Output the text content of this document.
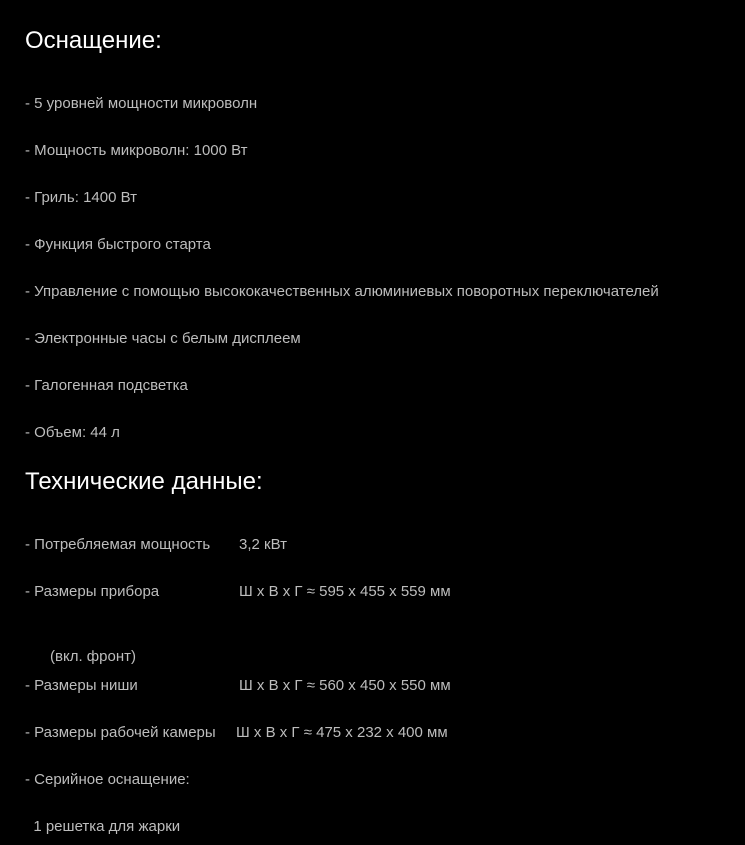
Оснащение:
- 5 уровней мощности микроволн
- Мощность микроволн: 1000 Вт
- Гриль: 1400 Вт
- Функция быстрого старта
- Управление с помощью высококачественных алюминиевых поворотных переключателей
- Электронные часы с белым дисплеем
- Галогенная подсветка
- Объем: 44 л
Технические данные:
- Потребляемая мощность 3,2 кВт
- Размеры прибора	Ш х В х Г ≈ 595 x 455 x 559 мм

(вкл. фронт)

- Размеры ниши	Ш х В х Г ≈ 560 x 450 x 550 мм
- Размеры рабочей камеры Ш х В х Г ≈ 475 x 232 x 400 мм
- Серийное оснащение:
1 решетка для жарки
